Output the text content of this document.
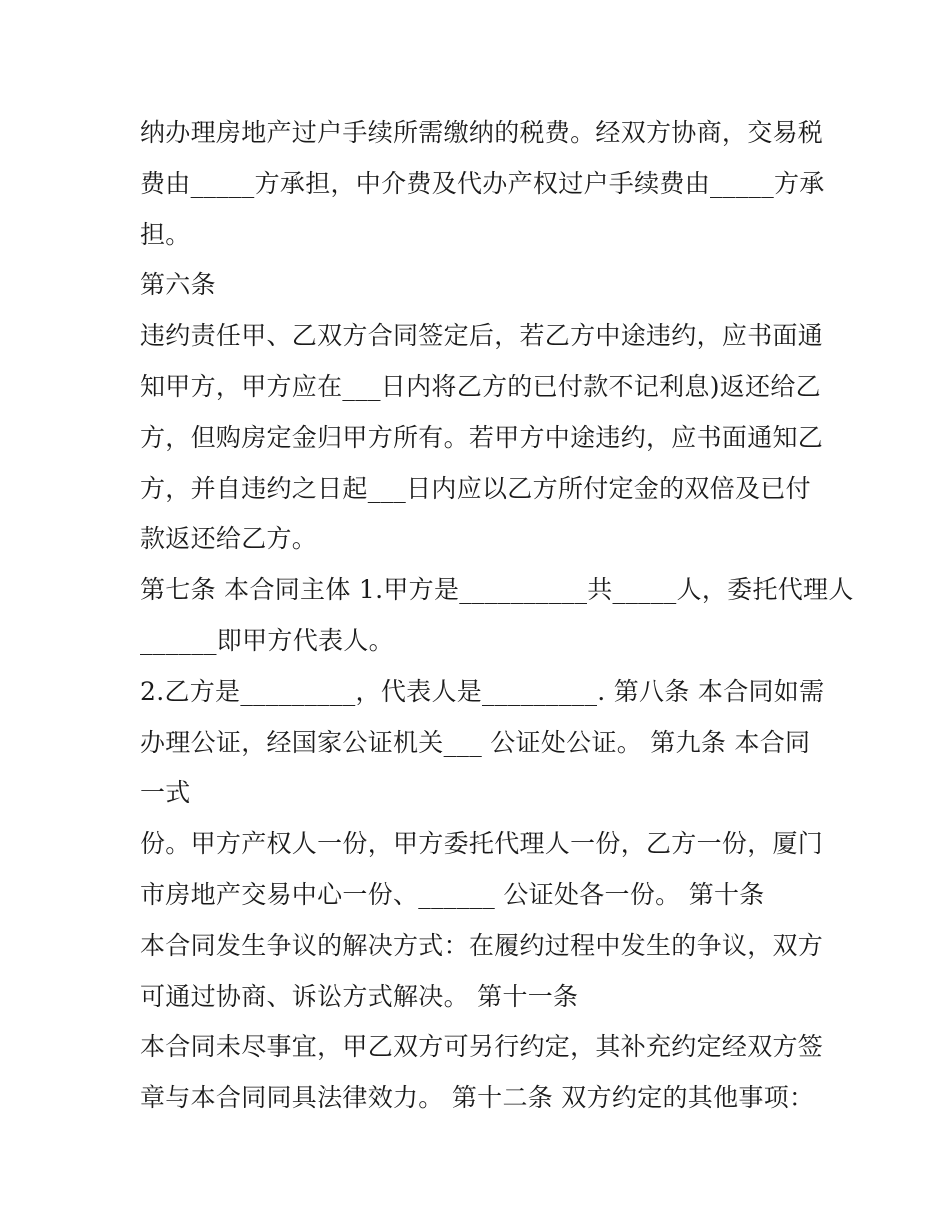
纳办理房地产过户手续所需缴纳的税费。经双方协商，交易税
费由_____方承担，中介费及代办产权过户手续费由_____方承
担。
第六条
违约责任甲、乙双方合同签定后，若乙方中途违约，应书面通
知甲方，甲方应在___日内将乙方的已付款不记利息)返还给乙
方，但购房定金归甲方所有。若甲方中途违约，应书面通知乙
方，并自违约之日起___日内应以乙方所付定金的双倍及已付
款返还给乙方。
第七条 本合同主体 1.甲方是__________共_____人，委托代理人
______即甲方代表人。
2.乙方是_________，代表人是_________. 第八条 本合同如需
办理公证，经国家公证机关___ 公证处公证。 第九条 本合同
一式
份。甲方产权人一份，甲方委托代理人一份，乙方一份，厦门
市房地产交易中心一份、______ 公证处各一份。 第十条
本合同发生争议的解决方式：在履约过程中发生的争议，双方
可通过协商、诉讼方式解决。 第十一条
本合同未尽事宜，甲乙双方可另行约定，其补充约定经双方签
章与本合同同具法律效力。 第十二条 双方约定的其他事项：
